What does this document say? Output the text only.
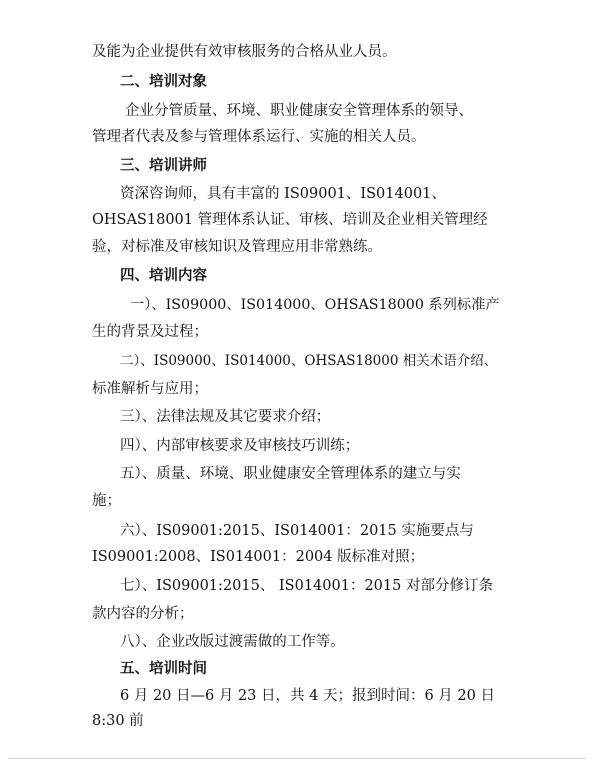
及能为企业提供有效审核服务的合格从业人员。
二、培训对象
企业分管质量、环境、职业健康安全管理体系的领导、
管理者代表及参与管理体系运行、实施的相关人员。
三、培训讲师
资深咨询师，具有丰富的 IS09001、IS014001、
OHSAS18001 管理体系认证、审核、培训及企业相关管理经
验，对标准及审核知识及管理应用非常熟练。
四、培训内容
一）、IS09000、IS014000、OHSAS18000 系列标准产
生的背景及过程；
二）、IS09000、IS014000、OHSAS18000 相关术语介绍、
标准解析与应用；
三）、法律法规及其它要求介绍；
四）、内部审核要求及审核技巧训练；
五）、质量、环境、职业健康安全管理体系的建立与实
施；
六）、IS09001:2015、IS014001：2015 实施要点与
IS09001:2008、IS014001：2004 版标准对照；
七）、IS09001:2015、 IS014001：2015 对部分修订条
款内容的分析；
八）、企业改版过渡需做的工作等。
五、培训时间
6 月 20 日—6 月 23 日，共 4 天；报到时间：6 月 20 日
8:30 前
